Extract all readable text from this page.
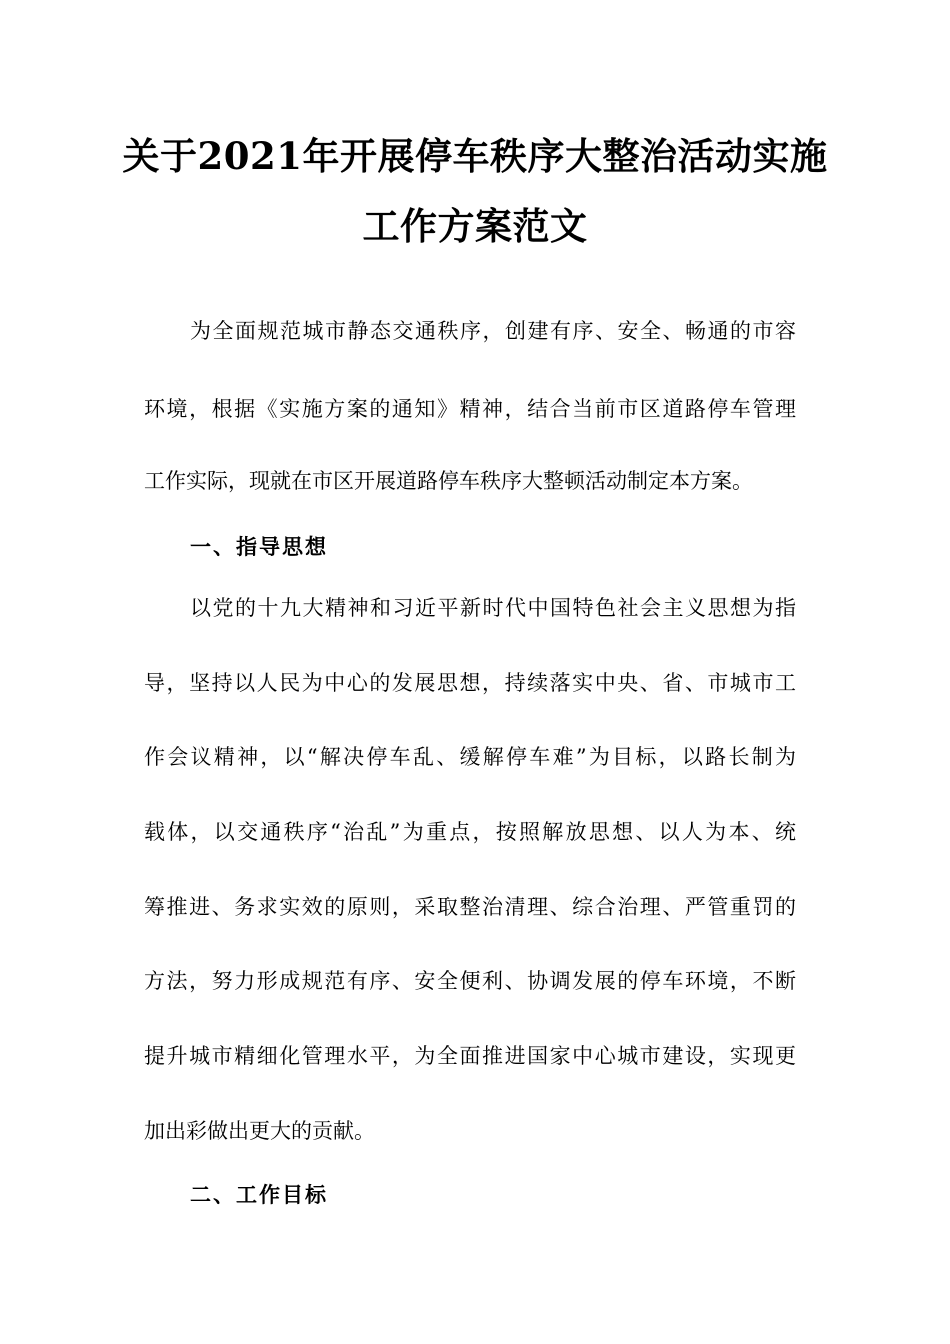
关于2021年开展停车秩序大整治活动实施
工作方案范文
为全面规范城市静态交通秩序，创建有序、安全、畅通的市容
环境，根据《实施方案的通知》精神，结合当前市区道路停车管理
工作实际，现就在市区开展道路停车秩序大整顿活动制定本方案。
一、指导思想
以党的十九大精神和习近平新时代中国特色社会主义思想为指
导，坚持以人民为中心的发展思想，持续落实中央、省、市城市工
作会议精神，以“解决停车乱、缓解停车难”为目标，以路长制为
载体，以交通秩序“治乱”为重点，按照解放思想、以人为本、统
筹推进、务求实效的原则，采取整治清理、综合治理、严管重罚的
方法，努力形成规范有序、安全便利、协调发展的停车环境，不断
提升城市精细化管理水平，为全面推进国家中心城市建设，实现更
加出彩做出更大的贡献。
二、工作目标
